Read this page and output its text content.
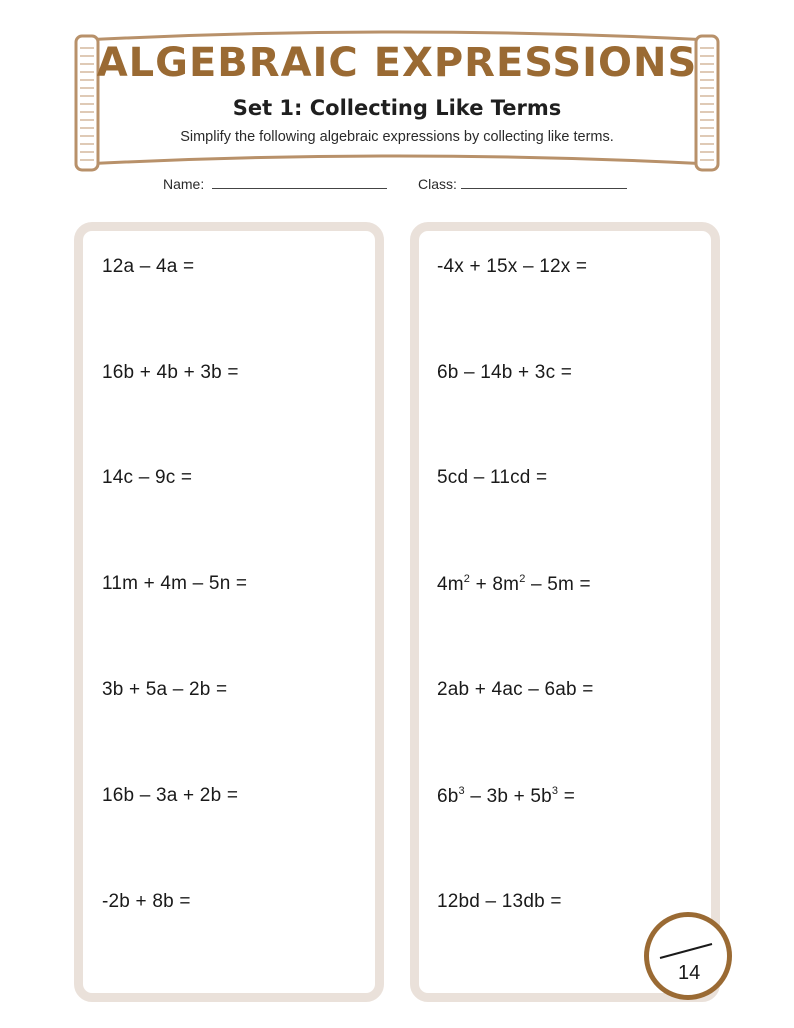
ALGEBRAIC EXPRESSIONS
Set 1: Collecting Like Terms
Simplify the following algebraic expressions by collecting like terms.
Name:	Class:
12a – 4a =
16b + 4b + 3b =
14c – 9c =
11m + 4m – 5n =
3b + 5a – 2b =
16b – 3a + 2b =
-2b + 8b =
-4x + 15x – 12x =
6b – 14b + 3c =
5cd – 11cd =
$4m^2 + 8m^2 - 5m$ =
2ab + 4ac – 6ab =
$6b^3 - 3b + 5b^3$ =
12bd – 13db =
14
